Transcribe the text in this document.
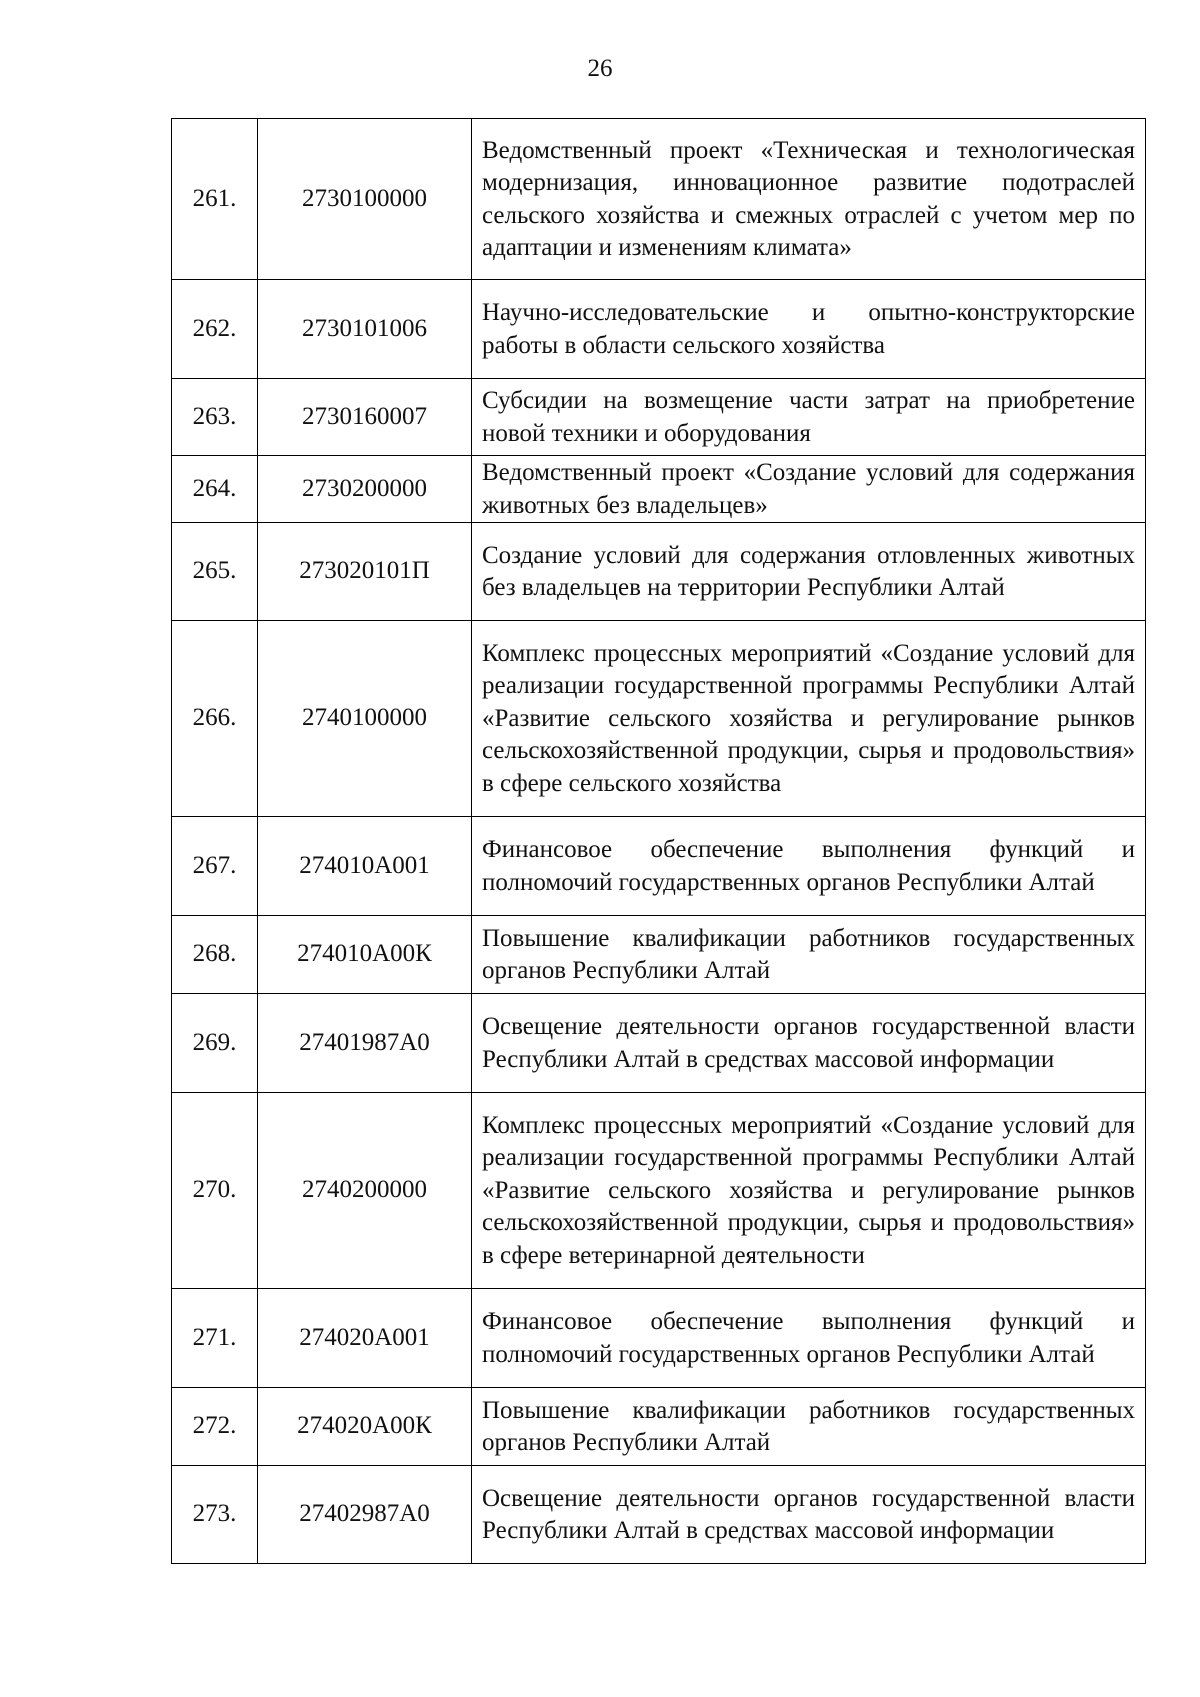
26
261.	2730100000	Ведомственный проект «Техническая и технологическая модернизация, инновационное развитие подотраслей сельского хозяйства и смежных отраслей с учетом мер по адаптации и изменениям климата»
262.	2730101006	Научно-исследовательские и опытно-конструкторские работы в области сельского хозяйства
263.	2730160007	Субсидии на возмещение части затрат на приобретение новой техники и оборудования
264.	2730200000	Ведомственный проект «Создание условий для содержания животных без владельцев»
265.	273020101П	Создание условий для содержания отловленных животных без владельцев на территории Республики Алтай
266.	2740100000	Комплекс процессных мероприятий «Создание условий для реализации государственной программы Республики Алтай «Развитие сельского хозяйства и регулирование рынков сельскохозяйственной продукции, сырья и продовольствия» в сфере сельского хозяйства
267.	274010А001	Финансовое обеспечение выполнения функций и полномочий государственных органов Республики Алтай
268.	274010А00К	Повышение квалификации работников государственных органов Республики Алтай
269.	27401987А0	Освещение деятельности органов государственной власти Республики Алтай в средствах массовой информации
270.	2740200000	Комплекс процессных мероприятий «Создание условий для реализации государственной программы Республики Алтай «Развитие сельского хозяйства и регулирование рынков сельскохозяйственной продукции, сырья и продовольствия» в сфере ветеринарной деятельности
271.	274020А001	Финансовое обеспечение выполнения функций и полномочий государственных органов Республики Алтай
272.	274020А00К	Повышение квалификации работников государственных органов Республики Алтай
273.	27402987А0	Освещение деятельности органов государственной власти Республики Алтай в средствах массовой информации
